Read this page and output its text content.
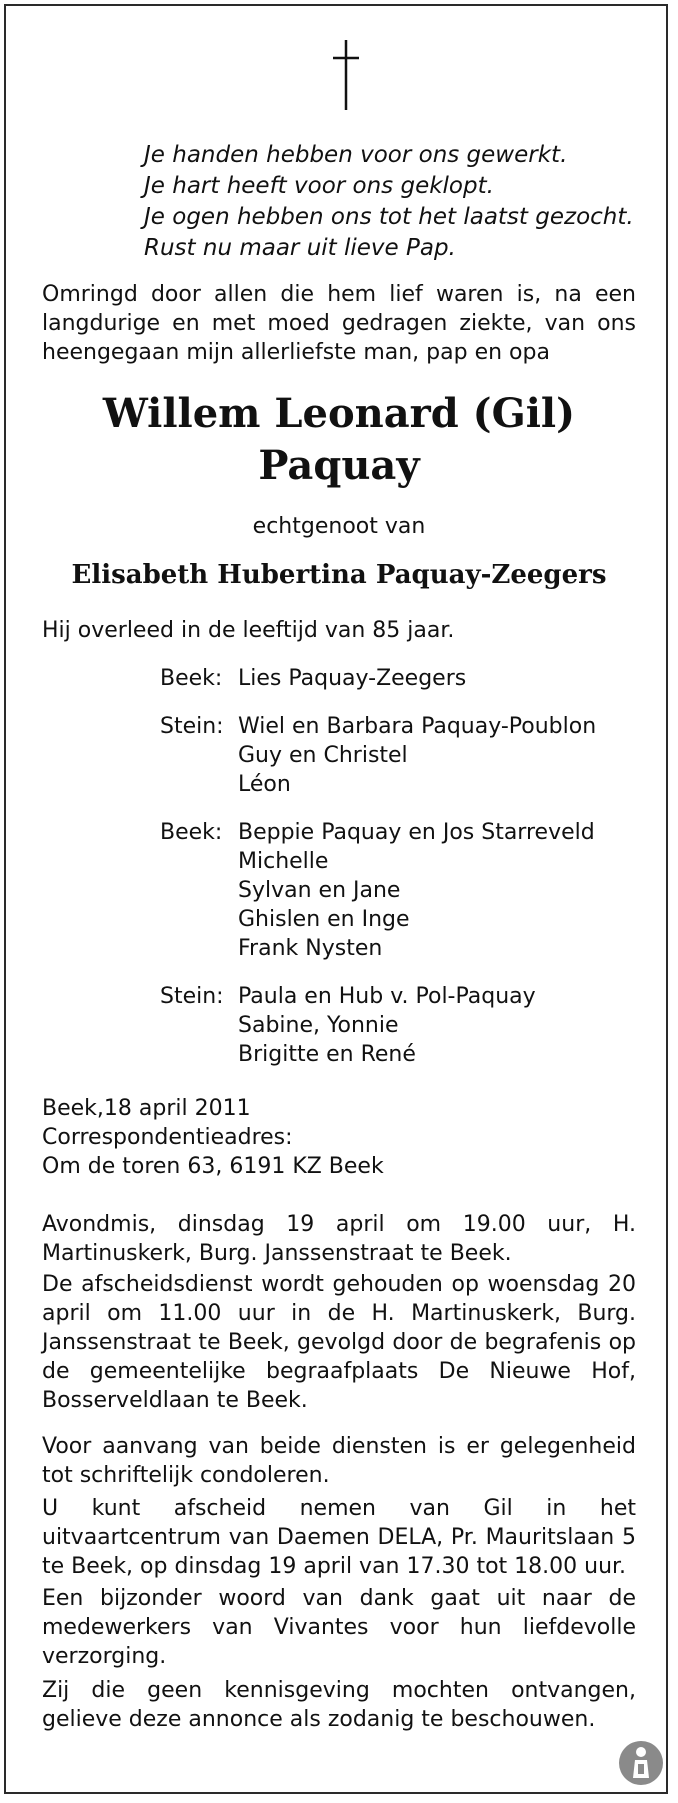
Je handen hebben voor ons gewerkt.
Je hart heeft voor ons geklopt.
Je ogen hebben ons tot het laatst gezocht.
Rust nu maar uit lieve Pap.
Omringd door allen die hem lief waren is, na een
langdurige en met moed gedragen ziekte, van ons
heengegaan mijn allerliefste man, pap en opa
Willem Leonard (Gil)
Paquay
echtgenoot van
Elisabeth Hubertina Paquay-Zeegers
Hij overleed in de leeftijd van 85 jaar.
Beek: Lies Paquay-Zeegers
Stein: Wiel en Barbara Paquay-Poublon
Guy en Christel
Léon
Beek: Beppie Paquay en Jos Starreveld
Michelle
Sylvan en Jane
Ghislen en Inge
Frank Nysten
Stein: Paula en Hub v. Pol-Paquay
Sabine, Yonnie
Brigitte en René
Beek,18 april 2011
Correspondentieadres:
Om de toren 63, 6191 KZ Beek
Avondmis, dinsdag 19 april om 19.00 uur, H. Martinuskerk, Burg. Janssenstraat te Beek.
De afscheidsdienst wordt gehouden op woensdag 20 april om 11.00 uur in de H. Martinuskerk, Burg. Janssenstraat te Beek, gevolgd door de begrafenis op de gemeentelijke begraafplaats De Nieuwe Hof, Bosserveldlaan te Beek.
Voor aanvang van beide diensten is er gelegenheid tot schriftelijk condoleren.
U kunt afscheid nemen van Gil in het uitvaartcentrum van Daemen DELA, Pr. Mauritslaan 5 te Beek, op dinsdag 19 april van 17.30 tot 18.00 uur.
Een bijzonder woord van dank gaat uit naar de medewerkers van Vivantes voor hun liefdevolle verzorging.
Zij die geen kennisgeving mochten ontvangen, gelieve deze annonce als zodanig te beschouwen.
